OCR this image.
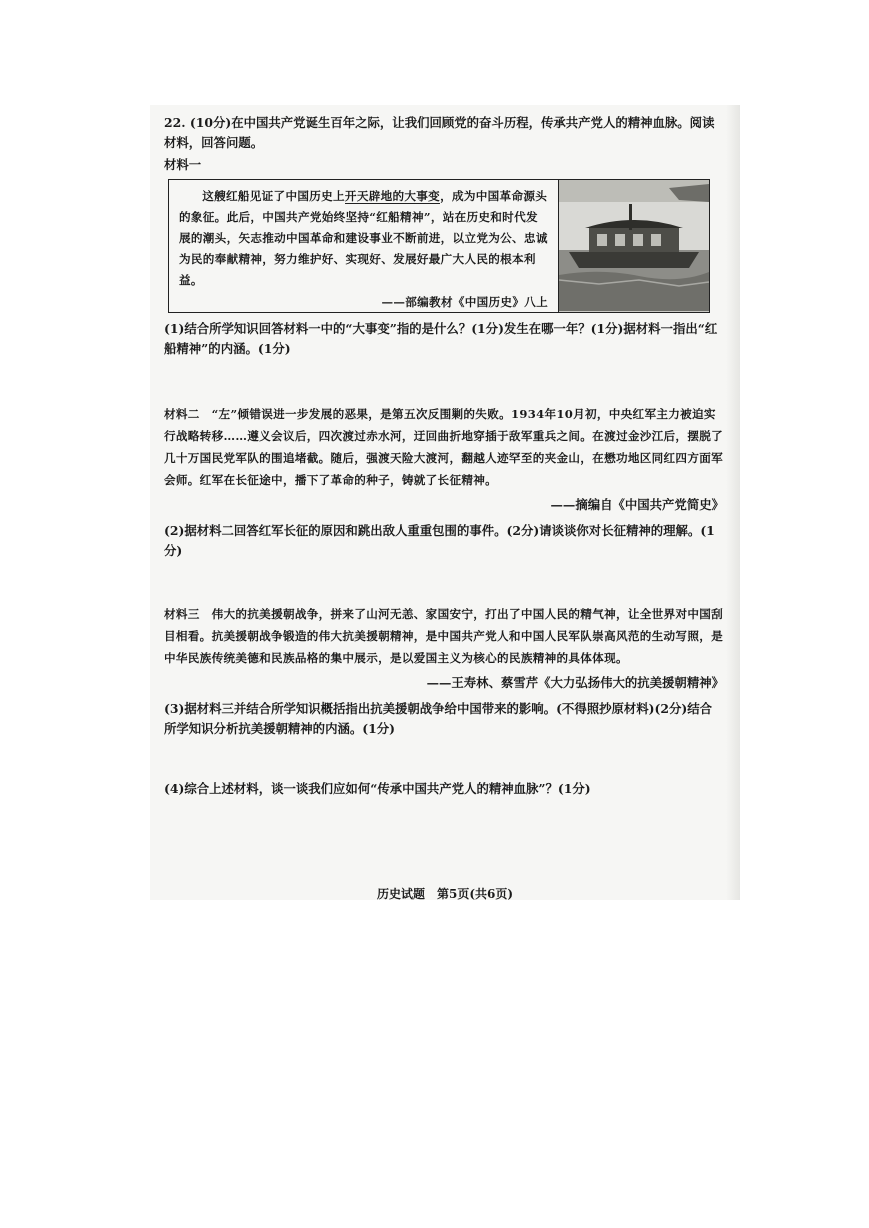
22. (10分)在中国共产党诞生百年之际，让我们回顾党的奋斗历程，传承共产党人的精神血脉。阅读材料，回答问题。

材料一

这艘红船见证了中国历史上开天辟地的大事变，成为中国革命源头的象征。此后，中国共产党始终坚持“红船精神”，站在历史和时代发展的潮头，矢志推动中国革命和建设事业不断前进，以立党为公、忠诚为民的奉献精神，努力维护好、实现好、发展好最广大人民的根本利益。

——部编教材《中国历史》八上

(1)结合所学知识回答材料一中的“大事变”指的是什么？(1分)发生在哪一年？(1分)据材料一指出“红船精神”的内涵。(1分)

材料二　 “左”倾错误进一步发展的恶果，是第五次反围剿的失败。1934年10月初，中央红军主力被迫实行战略转移……遵义会议后，四次渡过赤水河，迂回曲折地穿插于敌军重兵之间。在渡过金沙江后，摆脱了几十万国民党军队的围追堵截。随后，强渡天险大渡河，翻越人迹罕至的夹金山，在懋功地区同红四方面军会师。红军在长征途中，播下了革命的种子，铸就了长征精神。

——摘编自《中国共产党简史》

(2)据材料二回答红军长征的原因和跳出敌人重重包围的事件。(2分)请谈谈你对长征精神的理解。(1分)

材料三　 伟大的抗美援朝战争，拼来了山河无恙、家国安宁，打出了中国人民的精气神，让全世界对中国刮目相看。抗美援朝战争锻造的伟大抗美援朝精神，是中国共产党人和中国人民军队崇高风范的生动写照，是中华民族传统美德和民族品格的集中展示，是以爱国主义为核心的民族精神的具体体现。

——王寿林、蔡雪芹《大力弘扬伟大的抗美援朝精神》

(3)据材料三并结合所学知识概括指出抗美援朝战争给中国带来的影响。(不得照抄原材料)(2分)结合所学知识分析抗美援朝精神的内涵。(1分)

(4)综合上述材料，谈一谈我们应如何“传承中国共产党人的精神血脉”？(1分)

历史试题　第5页(共6页)
